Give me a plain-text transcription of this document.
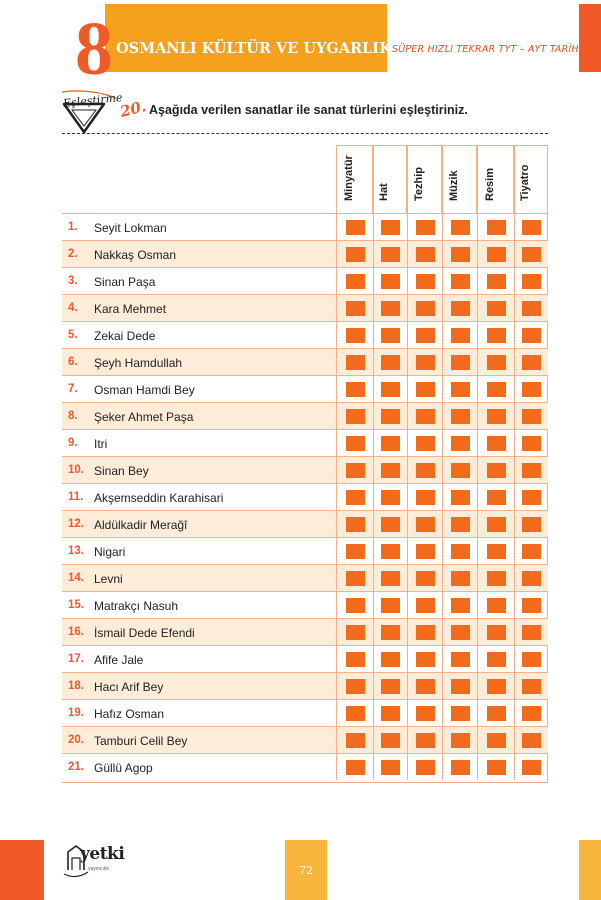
8 OSMANLI KÜLTÜR VE UYGARLIK SÜPER HIZLI TEKRAR TYT – AYT TARİH
Eşleştirme
20. Aşağıda verilen sanatlar ile sanat türlerini eşleştiriniz.
Minyatür Hat Tezhip Müzik Resim Tiyatro
1. Seyit Lokman
2. Nakkaş Osman
3. Sinan Paşa
4. Kara Mehmet
5. Zekai Dede
6. Şeyh Hamdullah
7. Osman Hamdi Bey
8. Şeker Ahmet Paşa
9. Itri
10. Sinan Bey
11. Akşemseddin Karahisari
12. Aldülkadir Merağî
13. Nigari
14. Levni
15. Matrakçı Nasuh
16. İsmail Dede Efendi
17. Afife Jale
18. Hacı Arif Bey
19. Hafız Osman
20. Tamburi Celil Bey
21. Güllü Agop
yetki
yayıncılık	72
